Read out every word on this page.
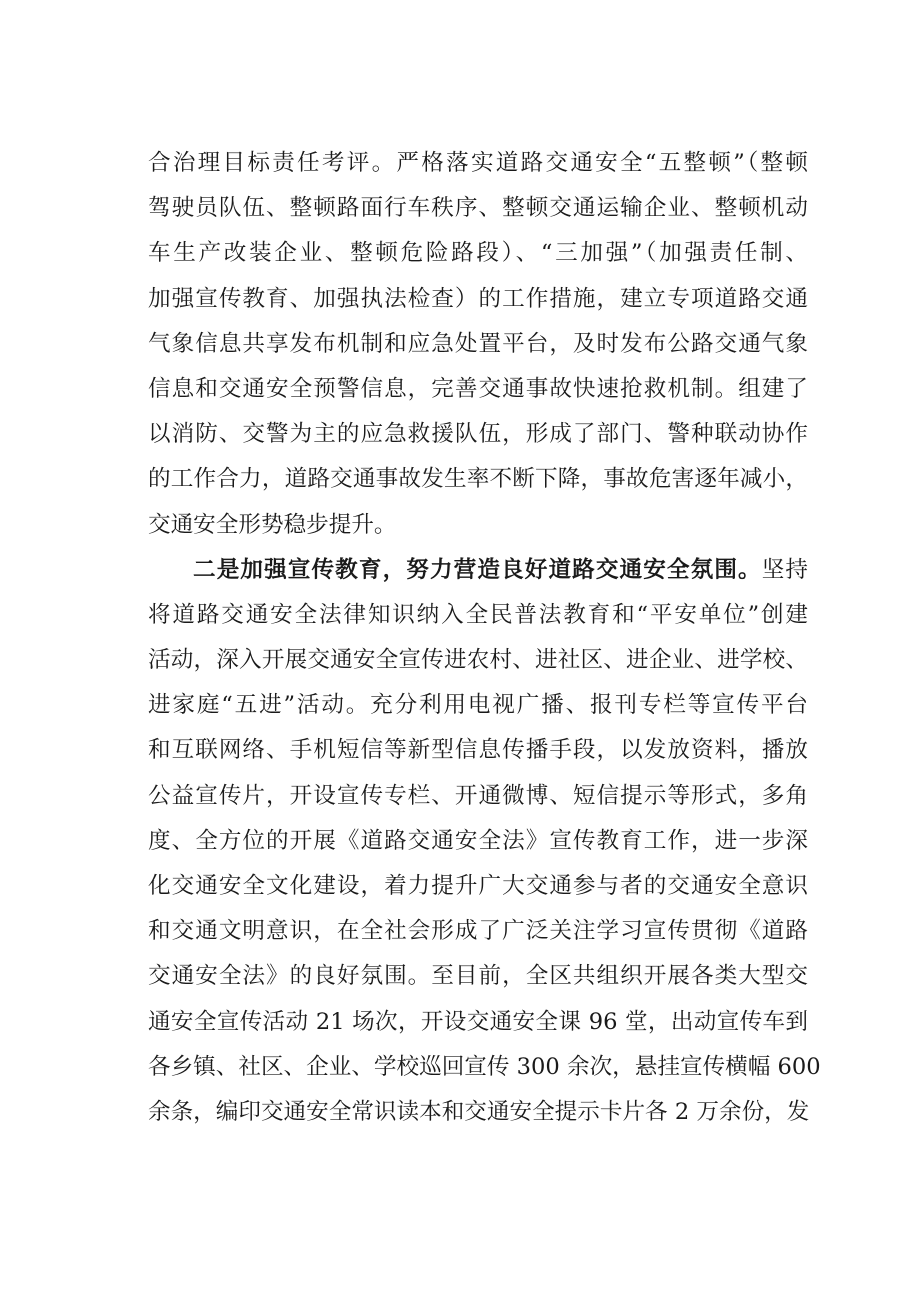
合治理目标责任考评。严格落实道路交通安全“五整顿”（整顿
驾驶员队伍、整顿路面行车秩序、整顿交通运输企业、整顿机动
车生产改装企业、整顿危险路段）、“三加强”（加强责任制、
加强宣传教育、加强执法检查）的工作措施，建立专项道路交通
气象信息共享发布机制和应急处置平台，及时发布公路交通气象
信息和交通安全预警信息，完善交通事故快速抢救机制。组建了
以消防、交警为主的应急救援队伍，形成了部门、警种联动协作
的工作合力，道路交通事故发生率不断下降，事故危害逐年减小，
交通安全形势稳步提升。
二是加强宣传教育，努力营造良好道路交通安全氛围。坚持
将道路交通安全法律知识纳入全民普法教育和“平安单位”创建
活动，深入开展交通安全宣传进农村、进社区、进企业、进学校、
进家庭“五进”活动。充分利用电视广播、报刊专栏等宣传平台
和互联网络、手机短信等新型信息传播手段，以发放资料，播放
公益宣传片，开设宣传专栏、开通微博、短信提示等形式，多角
度、全方位的开展《道路交通安全法》宣传教育工作，进一步深
化交通安全文化建设，着力提升广大交通参与者的交通安全意识
和交通文明意识，在全社会形成了广泛关注学习宣传贯彻《道路
交通安全法》的良好氛围。至目前，全区共组织开展各类大型交
通安全宣传活动 21 场次，开设交通安全课 96 堂，出动宣传车到
各乡镇、社区、企业、学校巡回宣传 300 余次，悬挂宣传横幅 600
余条，编印交通安全常识读本和交通安全提示卡片各 2 万余份，发
